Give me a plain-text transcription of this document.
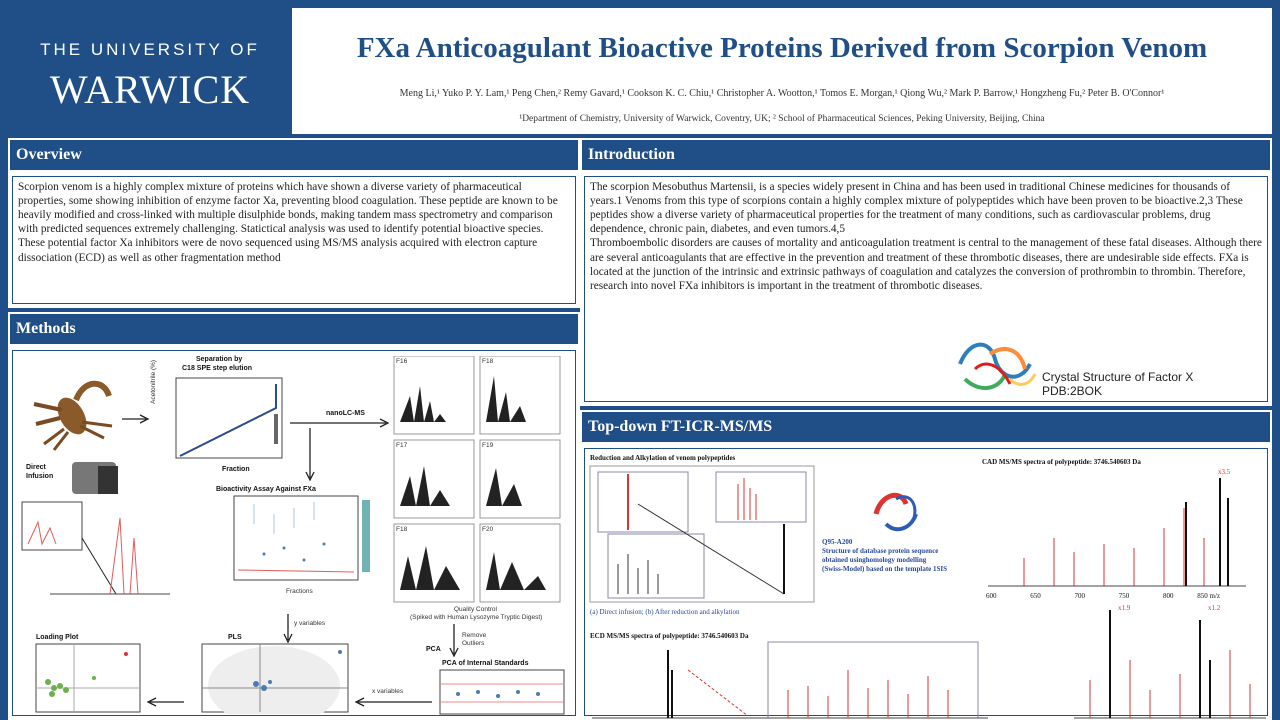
THE UNIVERSITY OF
WARWICK
FXa Anticoagulant Bioactive Proteins Derived from Scorpion Venom
Meng Li,¹ Yuko P. Y. Lam,¹ Peng Chen,² Remy Gavard,¹ Cookson K. C. Chiu,¹ Christopher A. Wootton,¹ Tomos E. Morgan,¹ Qiong Wu,² Mark P. Barrow,¹ Hongzheng Fu,² Peter B. O'Connor¹
¹Department of Chemistry, University of Warwick, Coventry, UK; ² School of Pharmaceutical Sciences, Peking University, Beijing, China
Overview
Scorpion venom is a highly complex mixture of proteins which have shown a diverse variety of pharmaceutical properties, some showing inhibition of enzyme factor Xa, preventing blood coagulation. These peptide are known to be heavily modified and cross-linked with multiple disulphide bonds, making tandem mass spectrometry and comparison with predicted sequences extremely challenging. Statictical analysis was used to identify potential bioactive species. These potential factor Xa inhibitors were de novo sequenced using MS/MS analysis acquired with electron capture dissociation (ECD) as well as other fragmentation method
Introduction
The scorpion Mesobuthus Martensii, is a species widely present in China and has been used in traditional Chinese medicines for thousands of years.1 Venoms from this type of scorpions contain a highly complex mixture of polypeptides which have been proven to be bioactive.2,3 These peptides show a diverse variety of pharmaceutical properties for the treatment of many conditions, such as cardiovascular problems, drug dependence, chronic pain, diabetes, and even tumors.4,5
Thromboembolic disorders are causes of mortality and anticoagulation treatment is central to the management of these fatal diseases. Although there are several anticoagulants that are effective in the prevention and treatment of these thrombotic diseases, there are undesirable side effects. FXa is located at the junction of the intrinsic and extrinsic pathways of coagulation and catalyzes the conversion of prothrombin to thrombin. Therefore, research into novel FXa inhibitors is important in the treatment of thrombotic diseases.
Crystal Structure of Factor X
PDB:2BOK
Methods
Separation by
C18 SPE step elution
Acetonitrile (%)
Fraction
nanoLC-MS
F16	F18
F17	F19
F18	F20
Quality Control
(Spiked with Human Lysozyme Tryptic Digest)
Direct
Infusion
Bioactivity Assay Against FXa
Fractions
y variables
Loading Plot	PLS
x variables
Remove
Outliers
PCA
PCA of Internal Standards
Top-down FT-ICR-MS/MS
Reduction and Alkylation of venom polypeptides
(a) Direct infusion; (b) After reduction and alkylation
Q95-A200
Structure of database protein sequence
obtained usinghomology modelling
(Swiss-Model) based on the template 1SIS
CAD MS/MS spectra of polypeptide: 3746.540603 Da
x3.5
600	650	700	750	800	850 m/z
ECD MS/MS spectra of polypeptide: 3746.540603 Da
x1.9	x1.2
